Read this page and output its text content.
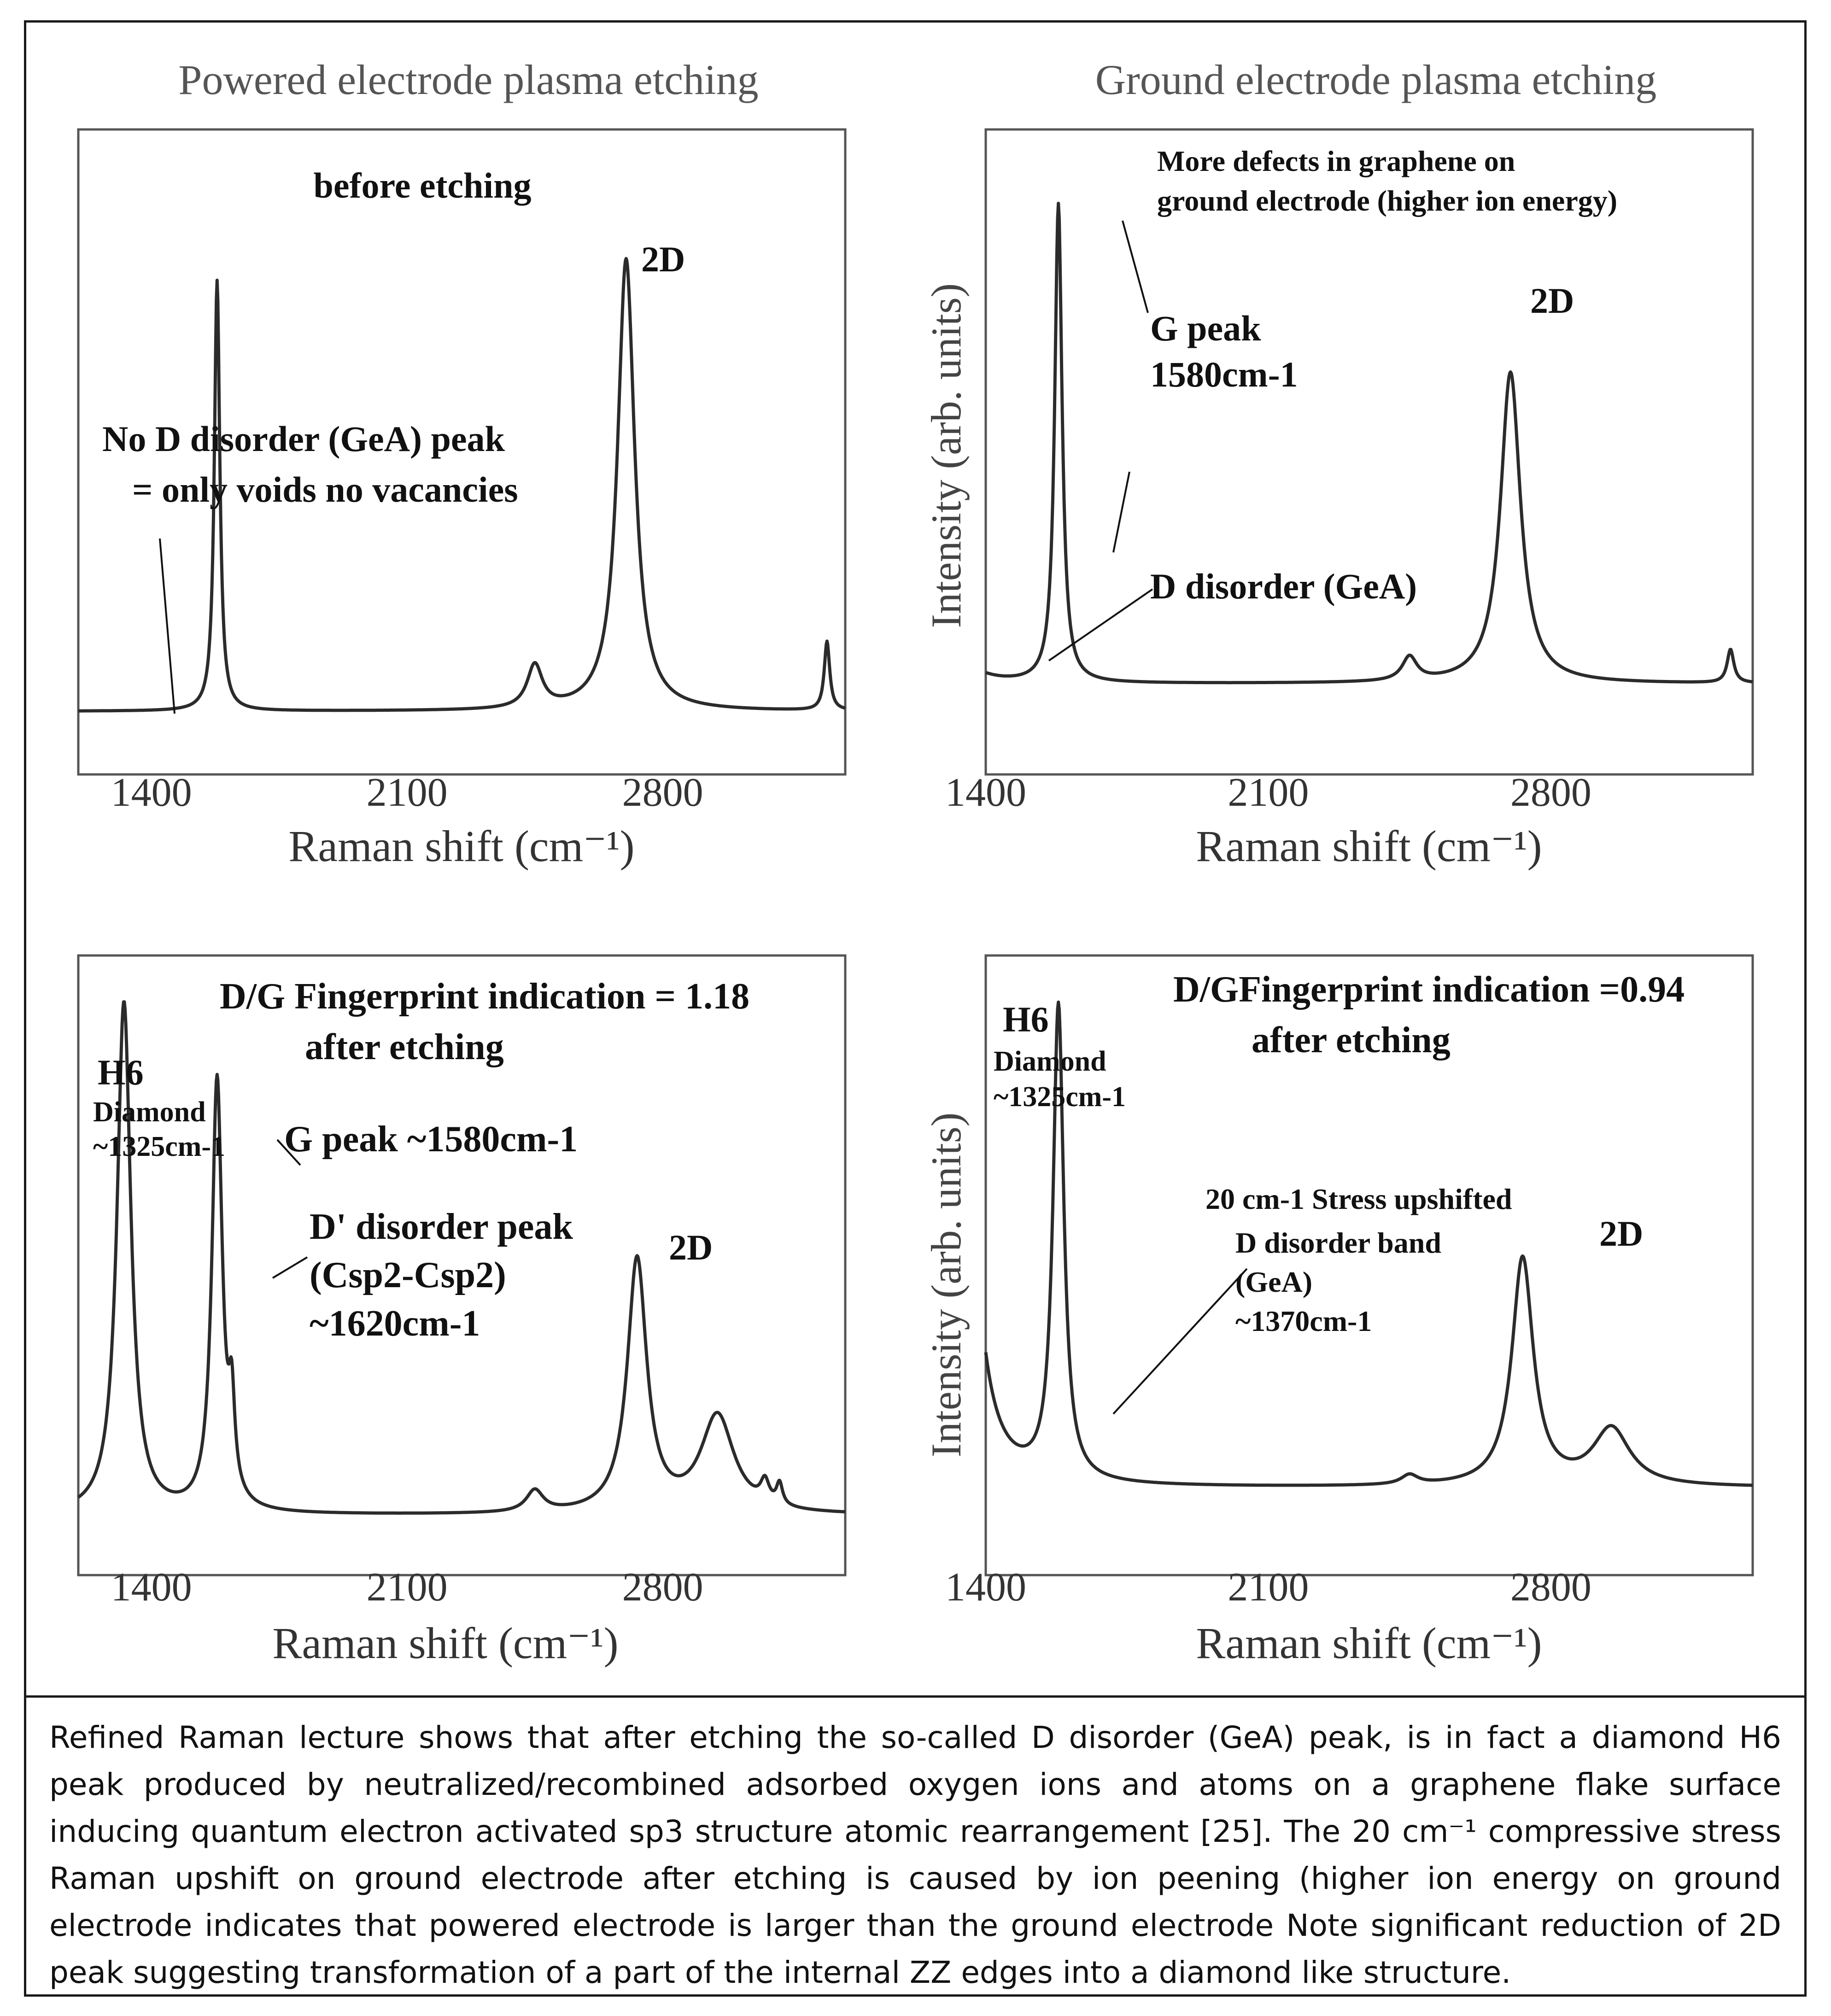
Powered electrode plasma etching
1400	2100	2800
Raman shift (cm⁻¹)
before etching
2D
No D disorder (GeA) peak
= only voids no vacancies
Ground electrode plasma etching
1400	2100	2800
Raman shift (cm⁻¹)
Intensity (arb. units)
More defects in graphene on
ground electrode (higher ion energy)
G peak
1580cm-1
2D
D disorder (GeA)
1400	2100	2800
Raman shift (cm⁻¹)
D/G Fingerprint indication = 1.18
after etching
H6
Diamond
~1325cm-1 G peak ~1580cm-1
D' disorder peak
(Csp2-Csp2)
~1620cm-1
2D
1400	2100	2800
Raman shift (cm⁻¹)
Intensity (arb. units)
D/GFingerprint indication =0.94
after etching
H6
Diamond
~1325cm-1
20 cm-1 Stress upshifted
D disorder band
(GeA)
~1370cm-1
2D

Refined Raman lecture shows that after etching the so-called D disorder (GeA) peak, is in fact a diamond H6 peak produced by neutralized/recombined adsorbed oxygen ions and atoms on a graphene flake surface inducing quantum electron activated sp3 structure atomic rearrangement [25]. The 20 cm⁻¹ compressive stress Raman upshift on ground electrode after etching is caused by ion peening (higher ion energy on ground electrode indicates that powered electrode is larger than the ground electrode Note significant reduction of 2D peak suggesting transformation of a part of the internal ZZ edges into a diamond like structure.
